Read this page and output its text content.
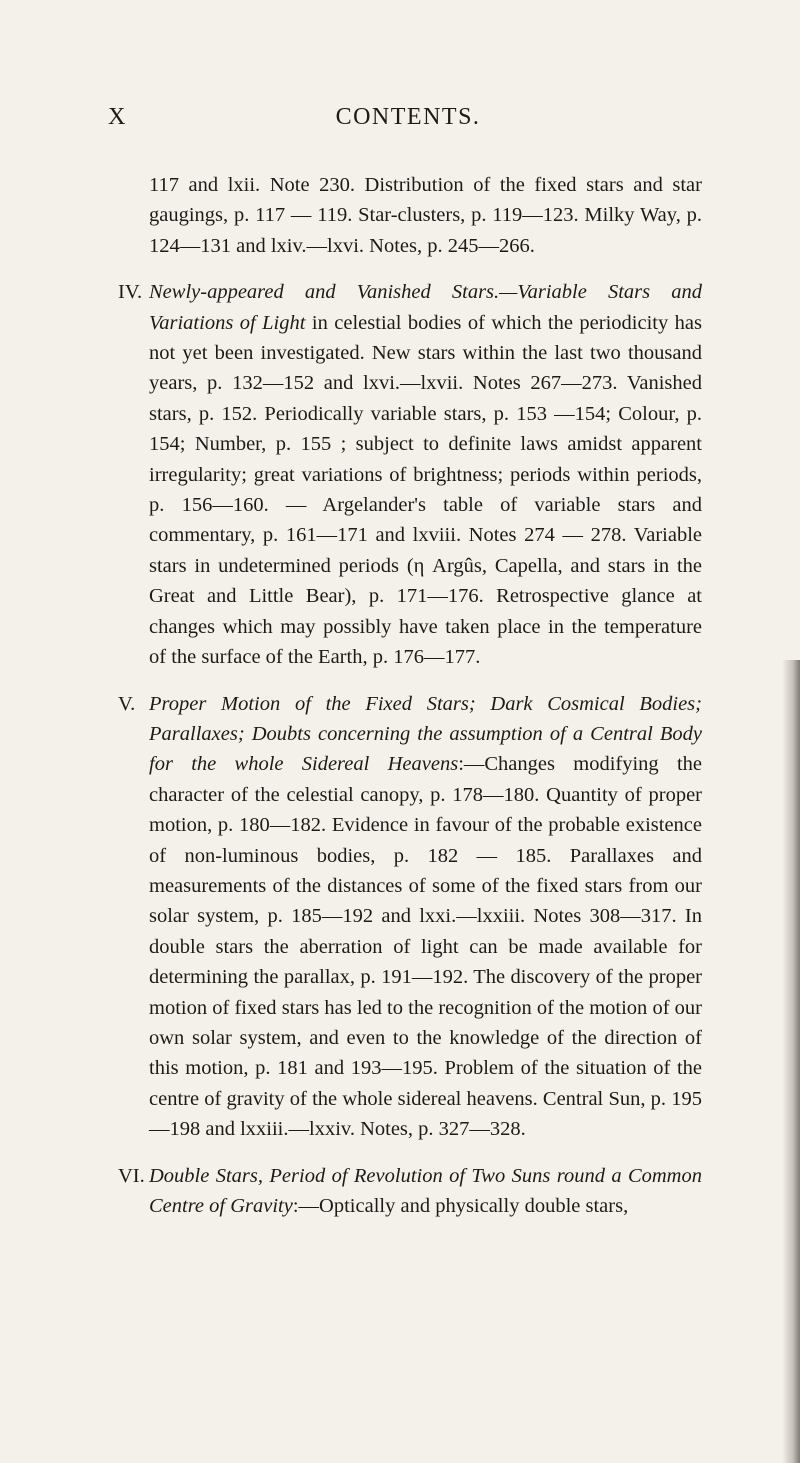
X	CONTENTS.

117 and lxii. Note 230. Distribution of the fixed stars and star gaugings, p. 117 — 119. Star-clusters, p. 119—123. Milky Way, p. 124—131 and lxiv.—lxvi. Notes, p. 245—266.

IV. Newly-appeared and Vanished Stars.—Variable Stars and Variations of Light in celestial bodies of which the periodicity has not yet been investigated. New stars within the last two thousand years, p. 132—152 and lxvi.—lxvii. Notes 267—273. Vanished stars, p. 152. Periodically variable stars, p. 153 —154; Colour, p. 154; Number, p. 155 ; subject to definite laws amidst apparent irregularity; great variations of brightness; periods within periods, p. 156—160. — Argelander's table of variable stars and commentary, p. 161—171 and lxviii. Notes 274 — 278. Variable stars in undetermined periods (η Argûs, Capella, and stars in the Great and Little Bear), p. 171—176. Retrospective glance at changes which may possibly have taken place in the temperature of the surface of the Earth, p. 176—177.

V. Proper Motion of the Fixed Stars; Dark Cosmical Bodies; Parallaxes; Doubts concerning the assumption of a Central Body for the whole Sidereal Heavens:—Changes modifying the character of the celestial canopy, p. 178—180. Quantity of proper motion, p. 180—182. Evidence in favour of the probable existence of non-luminous bodies, p. 182 — 185. Parallaxes and measurements of the distances of some of the fixed stars from our solar system, p. 185—192 and lxxi.—lxxiii. Notes 308—317. In double stars the aberration of light can be made available for determining the parallax, p. 191—192. The discovery of the proper motion of fixed stars has led to the recognition of the motion of our own solar system, and even to the knowledge of the direction of this motion, p. 181 and 193—195. Problem of the situation of the centre of gravity of the whole sidereal heavens. Central Sun, p. 195—198 and lxxiii.—lxxiv. Notes, p. 327—328.

VI. Double Stars, Period of Revolution of Two Suns round a Common Centre of Gravity:—Optically and physically double stars,
